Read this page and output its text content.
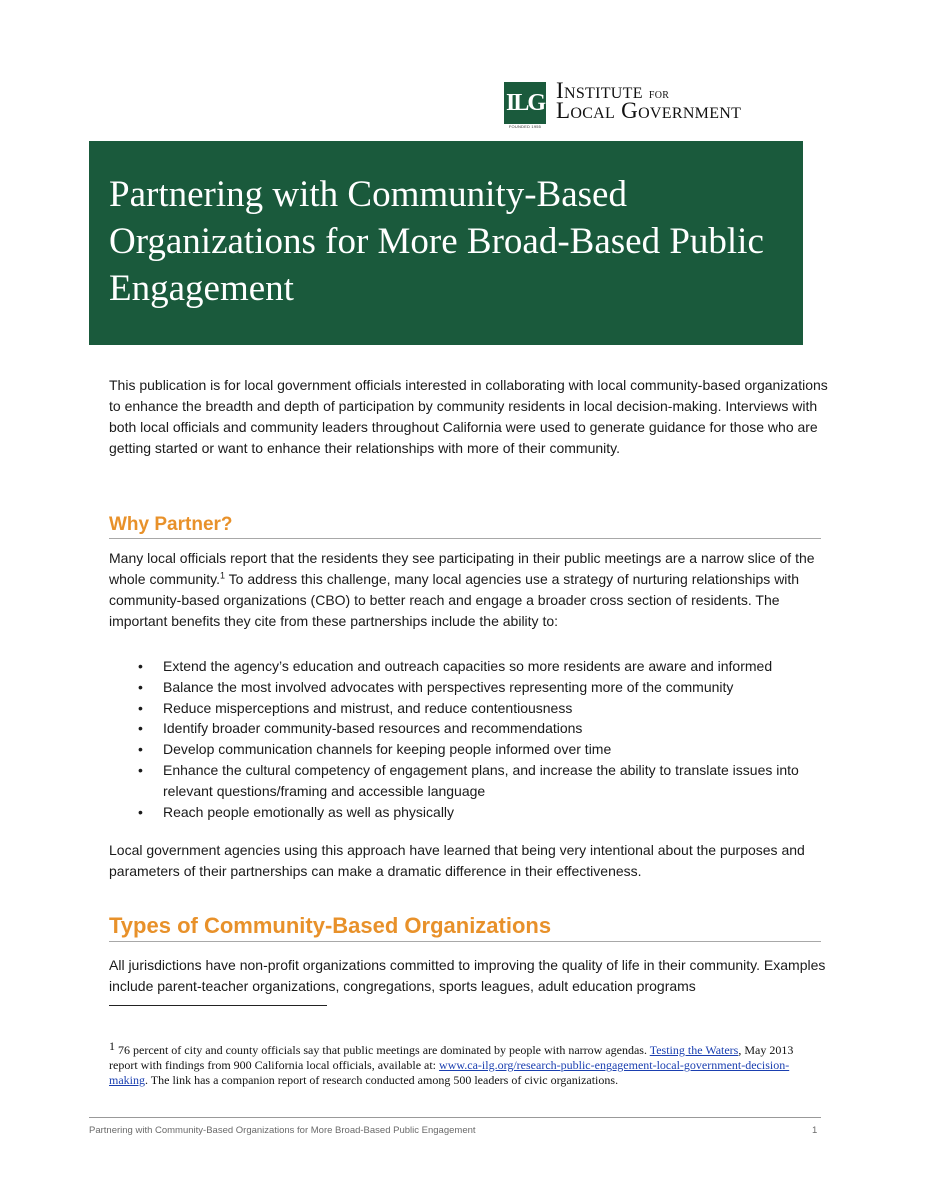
ILG
FOUNDED 1955
Institute for
Local Government
Partnering with Community-Based Organizations for More Broad-Based Public Engagement

This publication is for local government officials interested in collaborating with local community-based organizations to enhance the breadth and depth of participation by community residents in local decision-making. Interviews with both local officials and community leaders throughout California were used to generate guidance for those who are getting started or want to enhance their relationships with more of their community.

Why Partner?

Many local officials report that the residents they see participating in their public meetings are a narrow slice of the whole community.$^1$ To address this challenge, many local agencies use a strategy of nurturing relationships with community-based organizations (CBO) to better reach and engage a broader cross section of residents. The important benefits they cite from these partnerships include the ability to:

• Extend the agency’s education and outreach capacities so more residents are aware and informed
• Balance the most involved advocates with perspectives representing more of the community
• Reduce misperceptions and mistrust, and reduce contentiousness
• Identify broader community-based resources and recommendations
• Develop communication channels for keeping people informed over time
• Enhance the cultural competency of engagement plans, and increase the ability to translate issues into relevant questions/framing and accessible language
• Reach people emotionally as well as physically

Local government agencies using this approach have learned that being very intentional about the purposes and parameters of their partnerships can make a dramatic difference in their effectiveness.

Types of Community-Based Organizations

All jurisdictions have non-profit organizations committed to improving the quality of life in their community. Examples include parent-teacher organizations, congregations, sports leagues, adult education programs

1 76 percent of city and county officials say that public meetings are dominated by people with narrow agendas. Testing the Waters, May 2013 report with findings from 900 California local officials, available at: www.ca-ilg.org/research-public-engagement-local-government-decision-making. The link has a companion report of research conducted among 500 leaders of civic organizations.

Partnering with Community-Based Organizations for More Broad-Based Public Engagement	1
